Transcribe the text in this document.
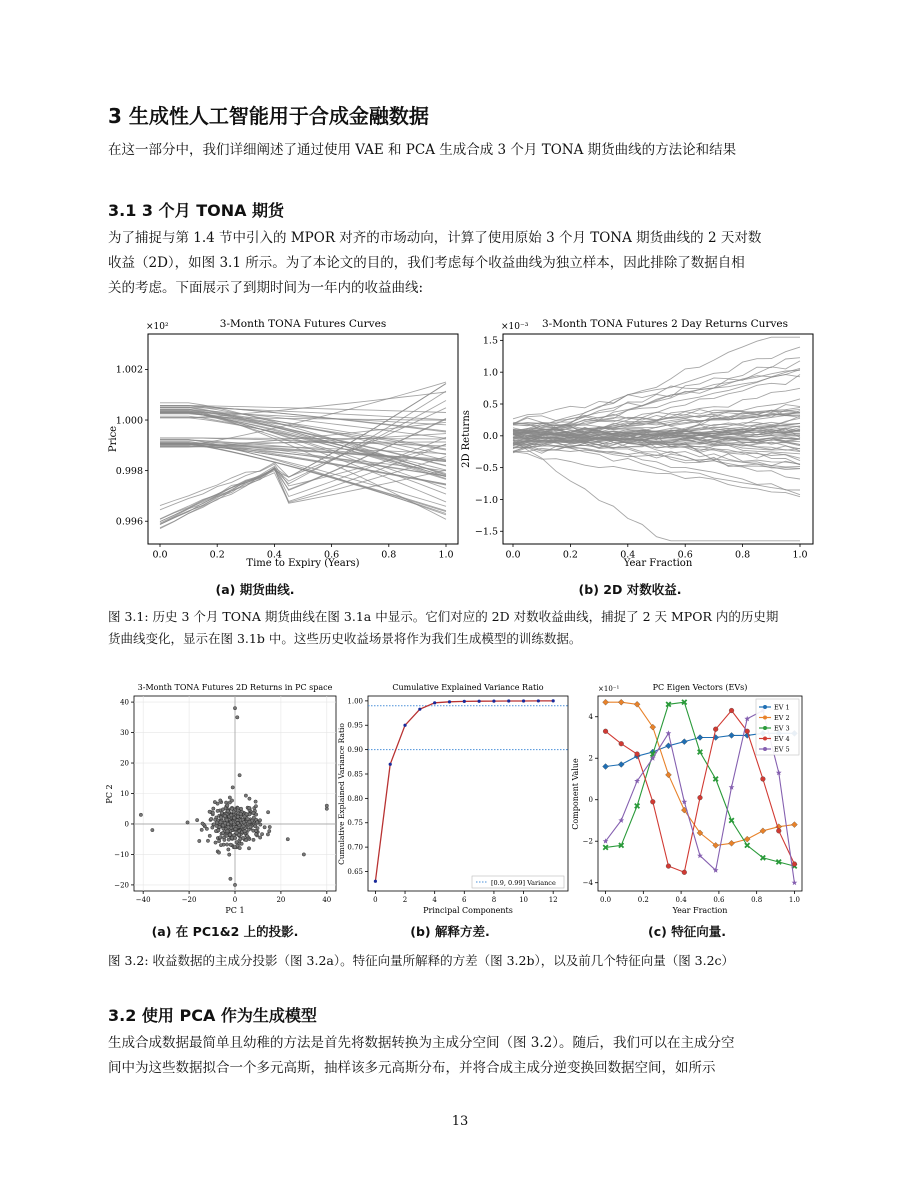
3 生成性人工智能用于合成金融数据
在这一部分中，我们详细阐述了通过使用 VAE 和 PCA 生成合成 3 个月 TONA 期货曲线的方法论和结果
3.1 3 个月 TONA 期货
为了捕捉与第 1.4 节中引入的 MPOR 对齐的市场动向，计算了使用原始 3 个月 TONA 期货曲线的 2 天对数
收益（2D），如图 3.1 所示。为了本论文的目的，我们考虑每个收益曲线为独立样本，因此排除了数据自相
关的考虑。下面展示了到期时间为一年内的收益曲线:
3-Month TONA Futures Curves
×10²
Time to Expiry (Years)
Price
0.0	0.2	0.4	0.6	0.8	1.0
1.002
1.000
0.998
0.996
(a) 期货曲线.
3-Month TONA Futures 2 Day Returns Curves
×10⁻³
Year Fraction
2D Returns
0.0	0.2	0.4	0.6	0.8	1.0
1.5
1.0
0.5
0.0
−0.5
−1.0
−1.5
(b) 2D 对数收益.
图 3.1: 历史 3 个月 TONA 期货曲线在图 3.1a 中显示。它们对应的 2D 对数收益曲线，捕捉了 2 天 MPOR 内的历史期
货曲线变化，显示在图 3.1b 中。这些历史收益场景将作为我们生成模型的训练数据。
3-Month TONA Futures 2D Returns in PC space
PC 1
PC 2
−40	−20	0	20	40
40
30
20
10
0
−10
−20
(a) 在 PC1&2 上的投影.
[0.9, 0.99] Variance
Cumulative Explained Variance Ratio
Principal Components
Cumulative Explained Variance Ratio
0	2	4	6	8	10	12
1.00
0.95
0.90
0.85
0.80
0.75
0.70
0.65
(b) 解释方差.
EV 1
EV 2
EV 3
EV 4
EV 5
PC Eigen Vectors (EVs)
×10⁻¹
Year Fraction
Component Value
0.0	0.2	0.4	0.6	0.8	1.0
4
2
0
−2
−4
(c) 特征向量.
图 3.2: 收益数据的主成分投影（图 3.2a）。特征向量所解释的方差（图 3.2b），以及前几个特征向量（图 3.2c）
3.2 使用 PCA 作为生成模型
生成合成数据最简单且幼稚的方法是首先将数据转换为主成分空间（图 3.2）。随后，我们可以在主成分空
间中为这些数据拟合一个多元高斯，抽样该多元高斯分布，并将合成主成分逆变换回数据空间，如所示
13
